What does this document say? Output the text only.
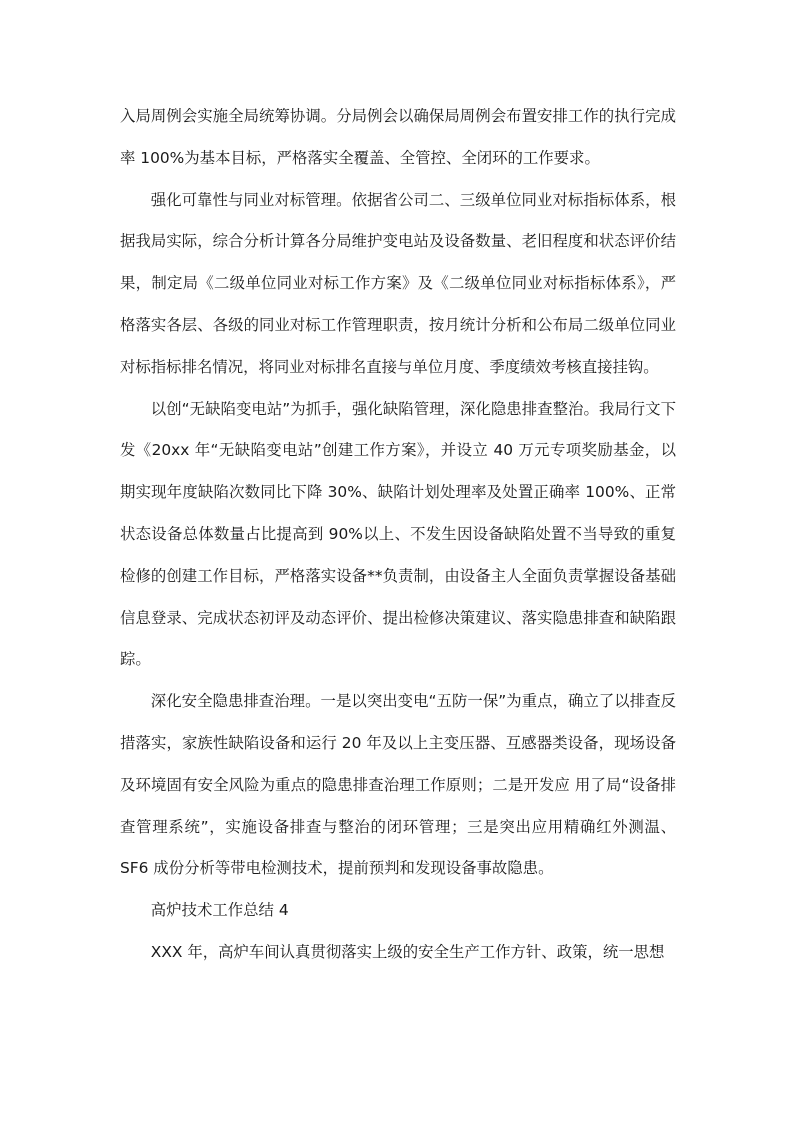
入局周例会实施全局统筹协调。分局例会以确保局周例会布置安排工作的执行完成率 100%为基本目标，严格落实全覆盖、全管控、全闭环的工作要求。

强化可靠性与同业对标管理。依据省公司二、三级单位同业对标指标体系，根据我局实际，综合分析计算各分局维护变电站及设备数量、老旧程度和状态评价结果，制定局《二级单位同业对标工作方案》及《二级单位同业对标指标体系》，严格落实各层、各级的同业对标工作管理职责，按月统计分析和公布局二级单位同业对标指标排名情况，将同业对标排名直接与单位月度、季度绩效考核直接挂钩。

以创“无缺陷变电站”为抓手，强化缺陷管理，深化隐患排查整治。我局行文下发《20xx 年“无缺陷变电站”创建工作方案》，并设立 40 万元专项奖励基金，以期实现年度缺陷次数同比下降 30%、缺陷计划处理率及处置正确率 100%、正常状态设备总体数量占比提高到 90%以上、不发生因设备缺陷处置不当导致的重复检修的创建工作目标，严格落实设备**负责制，由设备主人全面负责掌握设备基础信息登录、完成状态初评及动态评价、提出检修决策建议、落实隐患排查和缺陷跟踪。

深化安全隐患排查治理。一是以突出变电“五防一保”为重点，确立了以排查反措落实，家族性缺陷设备和运行 20 年及以上主变压器、互感器类设备，现场设备及环境固有安全风险为重点的隐患排查治理工作原则；二是开发应 用了局“设备排查管理系统”，实施设备排查与整治的闭环管理；三是突出应用精确红外测温、SF6 成份分析等带电检测技术，提前预判和发现设备事故隐患。

高炉技术工作总结 4

XXX 年，高炉车间认真贯彻落实上级的安全生产工作方针、政策，统一思想
